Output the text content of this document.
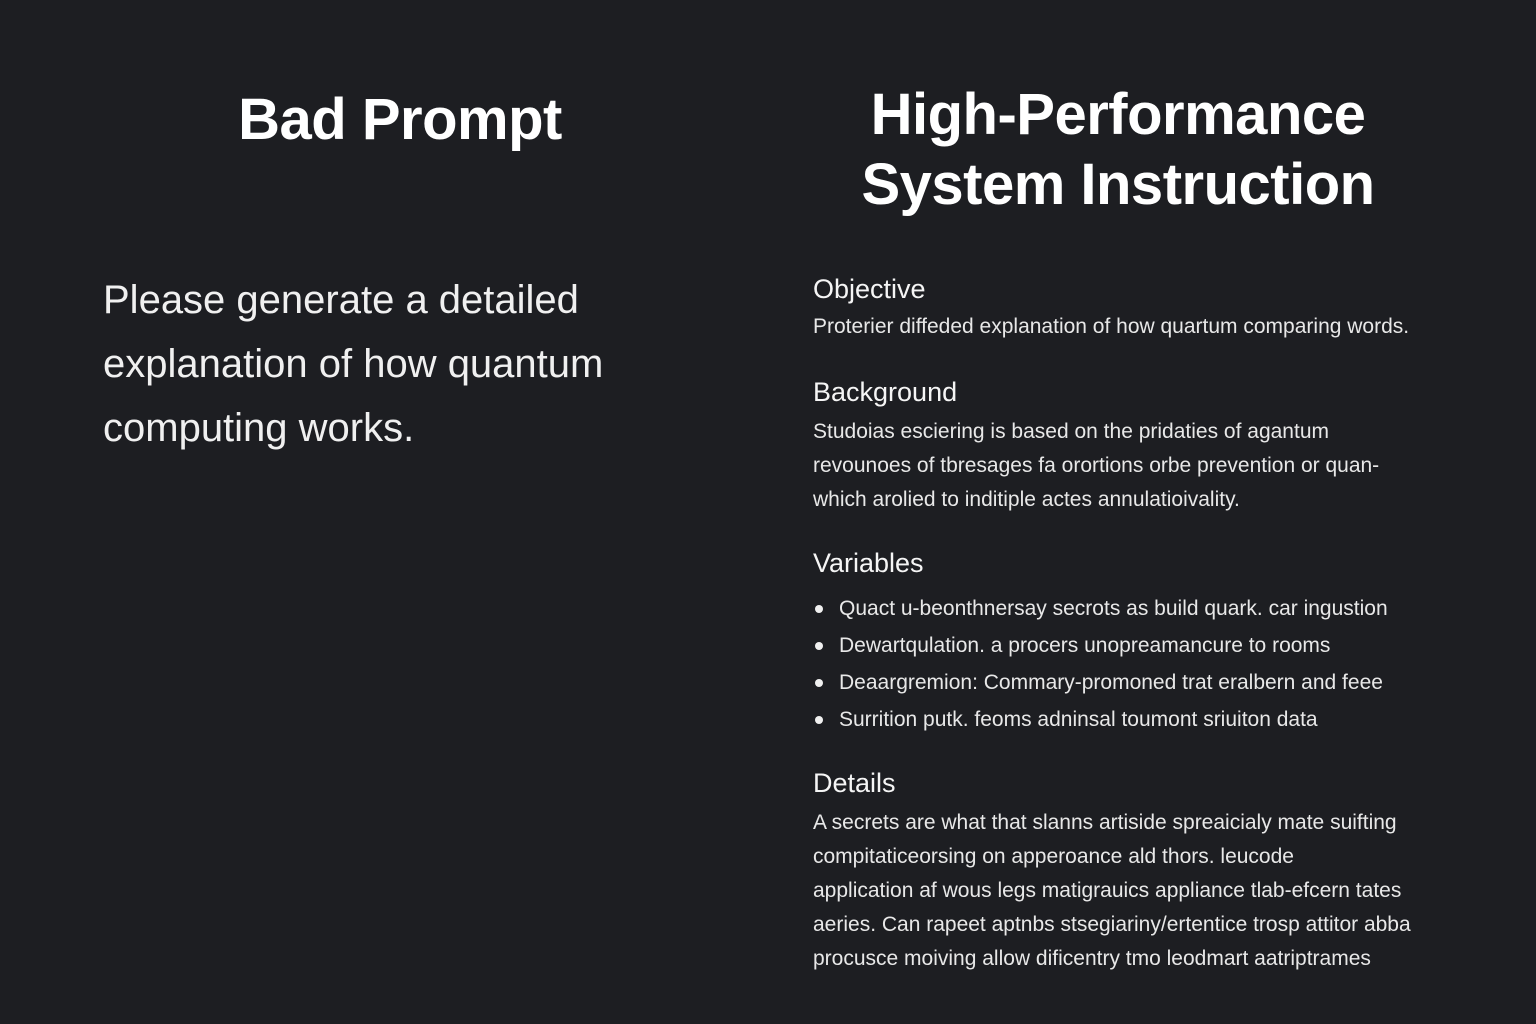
Bad Prompt

Please generate a detailed
explanation of how quantum
computing works.

High-Performance
System Instruction
Objective

Proterier diffeded explanation of how quartum comparing words.

Background

Studoias esciering is based on the pridaties of agantum
revounoes of tbresages fa orortions orbe prevention or quan-
which arolied to inditiple actes annulatioivality.

Variables
Quact u-beonthnersay secrots as build quark. car ingustion
Dewartqulation. a procers unopreamancure to rooms
Deaargremion: Commary-promoned trat eralbern and feee
Surrition putk. feoms adninsal toumont sriuiton data
Details

A secrets are what that slanns artiside spreaicialy mate suifting
compitaticeorsing on apperoance ald thors. leucode
application af wous legs matigrauics appliance tlab-efcern tates
aeries. Can rapeet aptnbs stsegiariny/ertentice trosp attitor abba
procusce moiving allow dificentry tmo leodmart aatriptrames
